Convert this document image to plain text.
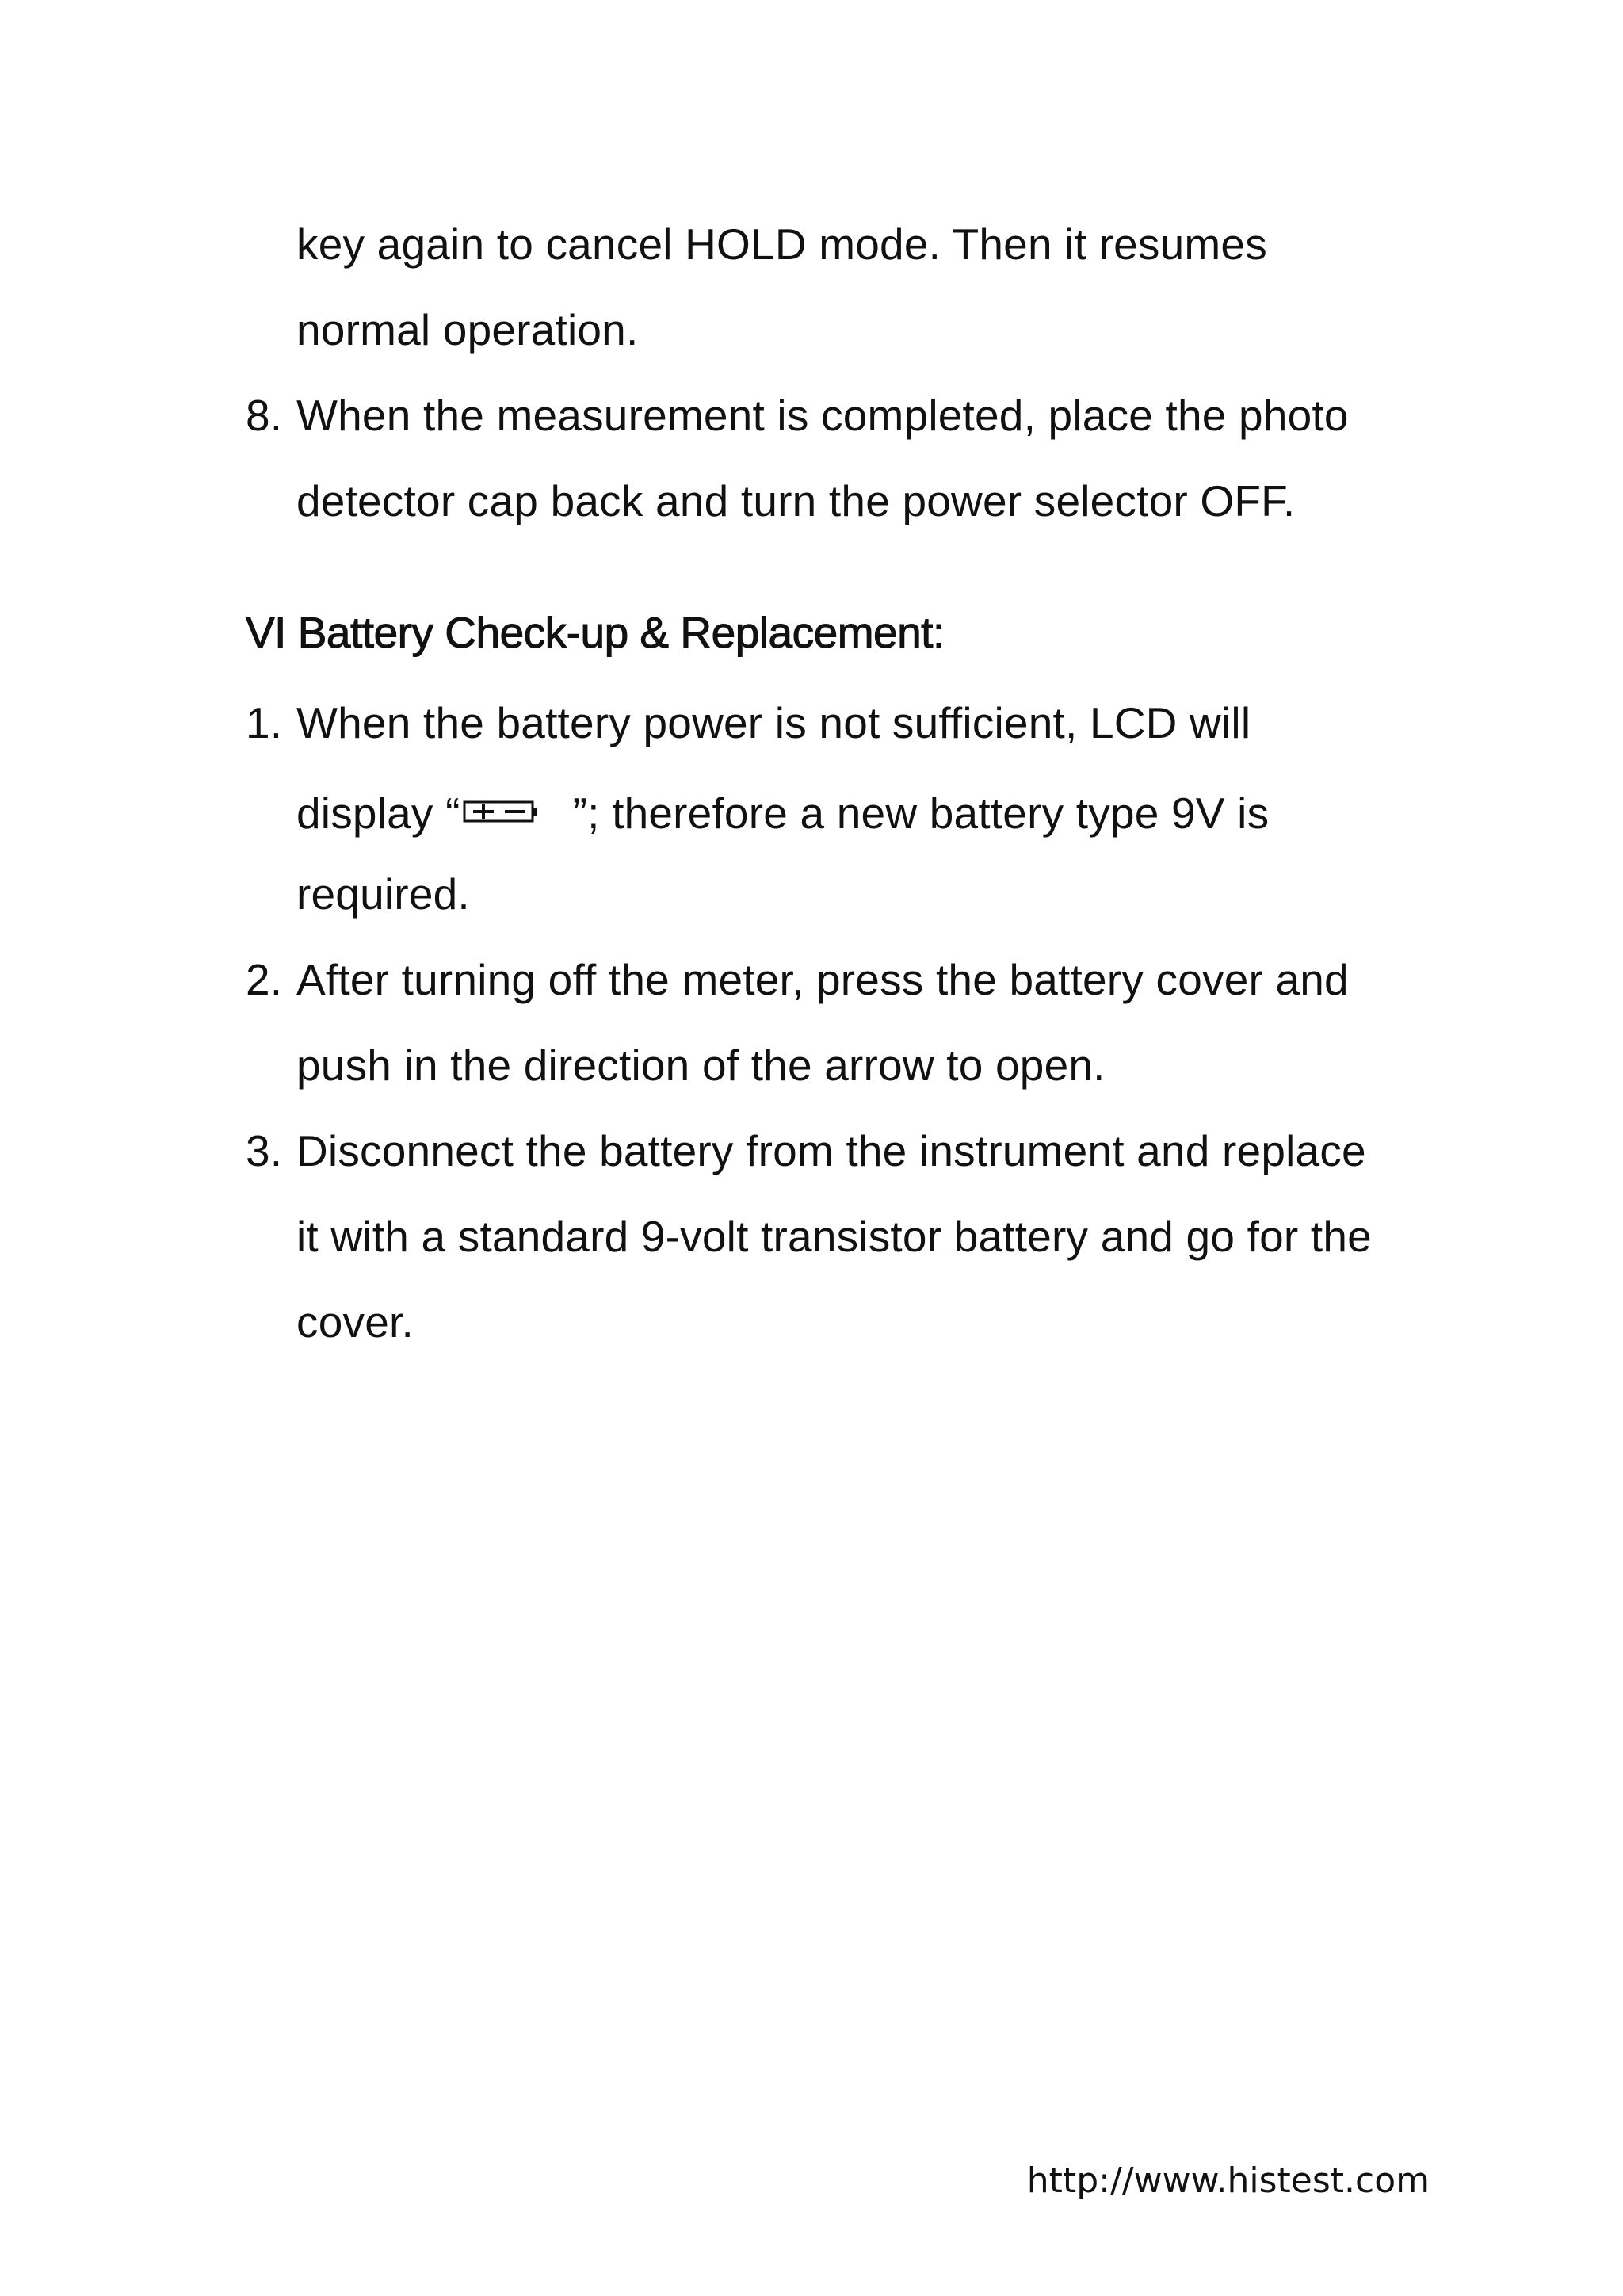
key again to cancel HOLD mode. Then it resumes
normal operation.
8. When the measurement is completed, place the photo
detector cap back and turn the power selector OFF.
VI Battery Check-up & Replacement:
1. When the battery power is not sufficient, LCD will
display “	”; therefore a new battery type 9V is
required.
2. After turning off the meter, press the battery cover and
push in the direction of the arrow to open.
3. Disconnect the battery from the instrument and replace
it with a standard 9-volt transistor battery and go for the
cover.
http://www.histest.com
